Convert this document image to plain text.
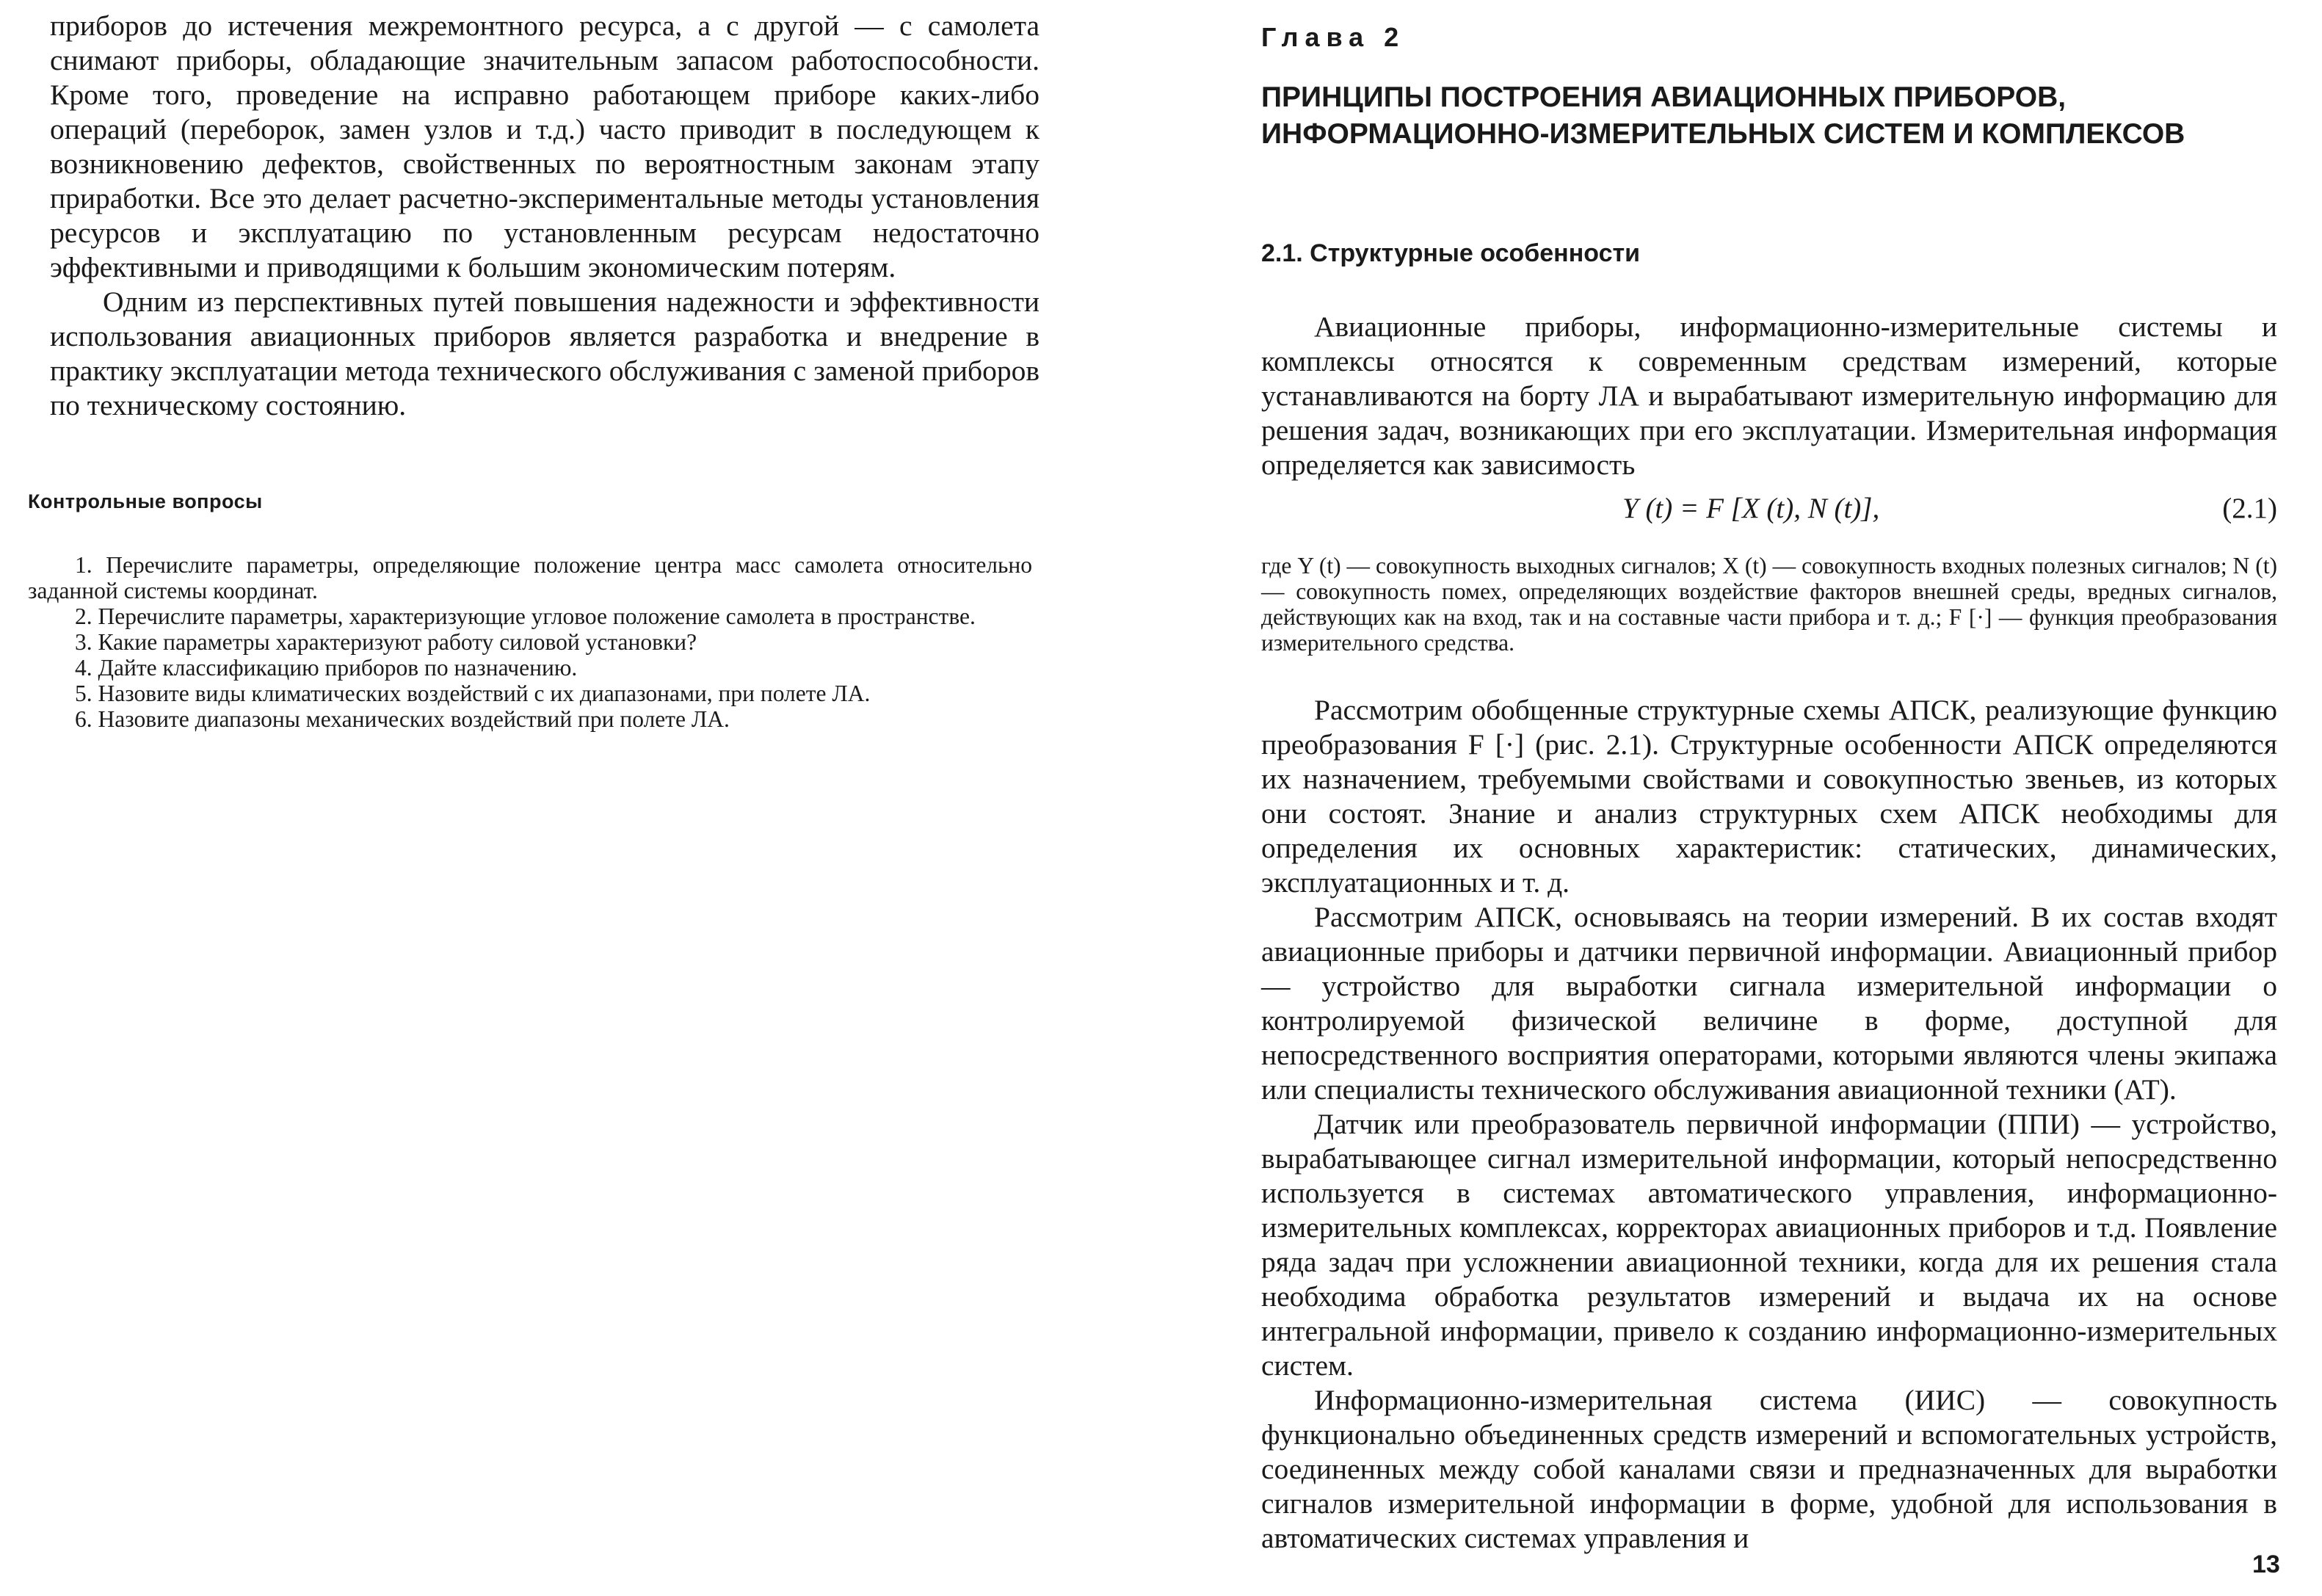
приборов до истечения межремонтного ресурса, а с другой — с самолета снимают приборы, обладающие значительным запасом работоспособности. Кроме того, проведение на исправно работающем приборе каких-либо операций (переборок, замен узлов и т.д.) часто приводит в последующем к возникновению дефектов, свойственных по вероятностным законам этапу приработки. Все это делает расчетно-экспериментальные методы установления ресурсов и эксплуатацию по установленным ресурсам недостаточно эффективными и приводящими к большим экономическим потерям.

Одним из перспективных путей повышения надежности и эффективности использования авиационных приборов является разработка и внедрение в практику эксплуатации метода технического обслуживания с заменой приборов по техническому состоянию.

Контрольные вопросы
1. Перечислите параметры, определяющие положение центра масс самолета относительно заданной системы координат.
2. Перечислите параметры, характеризующие угловое положение самолета в пространстве.
3. Какие параметры характеризуют работу силовой установки?
4. Дайте классификацию приборов по назначению.
5. Назовите виды климатических воздействий с их диапазонами, при полете ЛА.
6. Назовите диапазоны механических воздействий при полете ЛА.
Глава 2
ПРИНЦИПЫ ПОСТРОЕНИЯ АВИАЦИОННЫХ ПРИБОРОВ, ИНФОРМАЦИОННО-ИЗМЕРИТЕЛЬНЫХ СИСТЕМ И КОМПЛЕКСОВ
2.1. Структурные особенности

Авиационные приборы, информационно-измерительные системы и комплексы относятся к современным средствам измерений, которые устанавливаются на борту ЛА и вырабатывают измерительную информацию для решения задач, возникающих при его эксплуатации. Измерительная информация определяется как зависимость

Y (t) = F [X (t), N (t)],	(2.1)

где Y (t) — совокупность выходных сигналов; X (t) — совокупность входных полезных сигналов; N (t) — совокупность помех, определяющих воздействие факторов внешней среды, вредных сигналов, действующих как на вход, так и на составные части прибора и т. д.; F [·] — функция преобразования измерительного средства.

Рассмотрим обобщенные структурные схемы АПСК, реализующие функцию преобразования F [·] (рис. 2.1). Структурные особенности АПСК определяются их назначением, требуемыми свойствами и совокупностью звеньев, из которых они состоят. Знание и анализ структурных схем АПСК необходимы для определения их основных характеристик: статических, динамических, эксплуатационных и т. д.

Рассмотрим АПСК, основываясь на теории измерений. В их состав входят авиационные приборы и датчики первичной информации. Авиационный прибор — устройство для выработки сигнала измерительной информации о контролируемой физической величине в форме, доступной для непосредственного восприятия операторами, которыми являются члены экипажа или специалисты технического обслуживания авиационной техники (АТ).

Датчик или преобразователь первичной информации (ППИ) — устройство, вырабатывающее сигнал измерительной информации, который непосредственно используется в системах автоматического управления, информационно-измерительных комплексах, корректорах авиационных приборов и т.д. Появление ряда задач при усложнении авиационной техники, когда для их решения стала необходима обработка результатов измерений и выдача их на основе интегральной информации, привело к созданию информационно-измерительных систем.

Информационно-измерительная система (ИИС) — совокупность функционально объединенных средств измерений и вспомогательных устройств, соединенных между собой каналами связи и предназначенных для выработки сигналов измерительной информации в форме, удобной для использования в автоматических системах управления и

13
